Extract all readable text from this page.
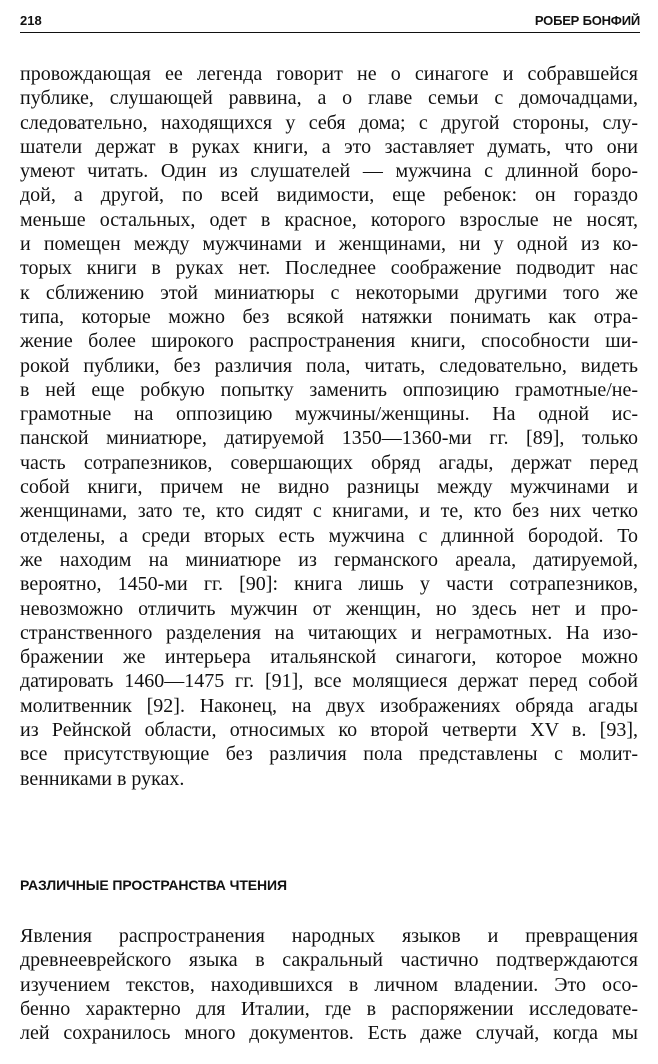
218	РОБЕР БОНФИЙ
провождающая ее легенда говорит не о синагоге и собравшейся
публике, слушающей раввина, а о главе семьи с домочадцами,
следовательно, находящихся у себя дома; с другой стороны, слу-
шатели держат в руках книги, а это заставляет думать, что они
умеют читать. Один из слушателей — мужчина с длинной боро-
дой, а другой, по всей видимости, еще ребенок: он гораздо
меньше остальных, одет в красное, которого взрослые не носят,
и помещен между мужчинами и женщинами, ни у одной из ко-
торых книги в руках нет. Последнее соображение подводит нас
к сближению этой миниатюры с некоторыми другими того же
типа, которые можно без всякой натяжки понимать как отра-
жение более широкого распространения книги, способности ши-
рокой публики, без различия пола, читать, следовательно, видеть
в ней еще робкую попытку заменить оппозицию грамотные/не-
грамотные на оппозицию мужчины/женщины. На одной ис-
панской миниатюре, датируемой 1350—1360-ми гг. [89], только
часть сотрапезников, совершающих обряд агады, держат перед
собой книги, причем не видно разницы между мужчинами и
женщинами, зато те, кто сидят с книгами, и те, кто без них четко
отделены, а среди вторых есть мужчина с длинной бородой. То
же находим на миниатюре из германского ареала, датируемой,
вероятно, 1450-ми гг. [90]: книга лишь у части сотрапезников,
невозможно отличить мужчин от женщин, но здесь нет и про-
странственного разделения на читающих и неграмотных. На изо-
бражении же интерьера итальянской синагоги, которое можно
датировать 1460—1475 гг. [91], все молящиеся держат перед собой
молитвенник [92]. Наконец, на двух изображениях обряда агады
из Рейнской области, относимых ко второй четверти XV в. [93],
все присутствующие без различия пола представлены с молит-
венниками в руках.
РАЗЛИЧНЫЕ ПРОСТРАНСТВА ЧТЕНИЯ
Явления распространения народных языков и превращения
древнееврейского языка в сакральный частично подтверждаются
изучением текстов, находившихся в личном владении. Это осо-
бенно характерно для Италии, где в распоряжении исследовате-
лей сохранилось много документов. Есть даже случай, когда мы
